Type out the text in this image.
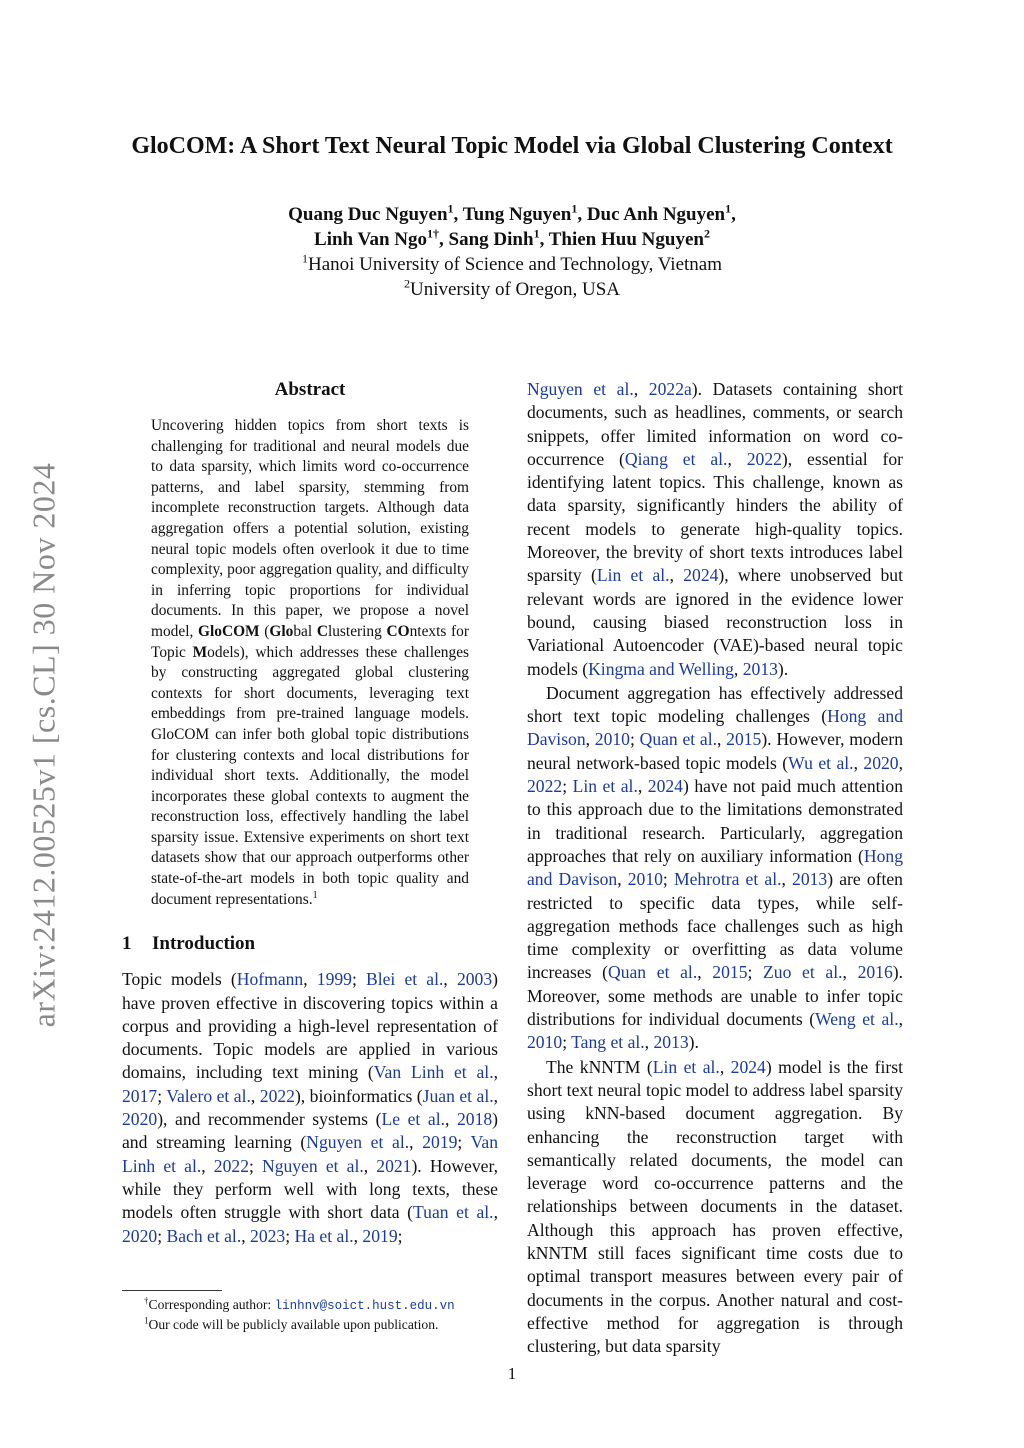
arXiv:2412.00525v1 [cs.CL] 30 Nov 2024
GloCOM: A Short Text Neural Topic Model via Global Clustering Context
Quang Duc Nguyen$^1$, Tung Nguyen$^1$, Duc Anh Nguyen$^1$,
Linh Van Ngo$^{1\dagger}$, Sang Dinh$^1$, Thien Huu Nguyen$^2$
$^1$Hanoi University of Science and Technology, Vietnam
$^2$University of Oregon, USA
Abstract
Uncovering hidden topics from short texts is challenging for traditional and neural models due to data sparsity, which limits word co-occurrence patterns, and label sparsity, stemming from incomplete reconstruction targets. Although data aggregation offers a potential solution, existing neural topic models often overlook it due to time complexity, poor aggregation quality, and difficulty in inferring topic proportions for individual documents. In this paper, we propose a novel model, GloCOM (Global Clustering COntexts for Topic Models), which addresses these challenges by constructing aggregated global clustering contexts for short documents, leveraging text embeddings from pre-trained language models. GloCOM can infer both global topic distributions for clustering contexts and local distributions for individual short texts. Additionally, the model incorporates these global contexts to augment the reconstruction loss, effectively handling the label sparsity issue. Extensive experiments on short text datasets show that our approach outperforms other state-of-the-art models in both topic quality and document representations.$^1$
1 Introduction

Topic models (Hofmann, 1999; Blei et al., 2003) have proven effective in discovering topics within a corpus and providing a high-level representation of documents. Topic models are applied in various domains, including text mining (Van Linh et al., 2017; Valero et al., 2022), bioinformatics (Juan et al., 2020), and recommender systems (Le et al., 2018) and streaming learning (Nguyen et al., 2019; Van Linh et al., 2022; Nguyen et al., 2021). However, while they perform well with long texts, these models often struggle with short data (Tuan et al., 2020; Bach et al., 2023; Ha et al., 2019;

Nguyen et al., 2022a). Datasets containing short documents, such as headlines, comments, or search snippets, offer limited information on word co-occurrence (Qiang et al., 2022), essential for identifying latent topics. This challenge, known as data sparsity, significantly hinders the ability of recent models to generate high-quality topics. Moreover, the brevity of short texts introduces label sparsity (Lin et al., 2024), where unobserved but relevant words are ignored in the evidence lower bound, causing biased reconstruction loss in Variational Autoencoder (VAE)-based neural topic models (Kingma and Welling, 2013).

Document aggregation has effectively addressed short text topic modeling challenges (Hong and Davison, 2010; Quan et al., 2015). However, modern neural network-based topic models (Wu et al., 2020, 2022; Lin et al., 2024) have not paid much attention to this approach due to the limitations demonstrated in traditional research. Particularly, aggregation approaches that rely on auxiliary information (Hong and Davison, 2010; Mehrotra et al., 2013) are often restricted to specific data types, while self-aggregation methods face challenges such as high time complexity or overfitting as data volume increases (Quan et al., 2015; Zuo et al., 2016). Moreover, some methods are unable to infer topic distributions for individual documents (Weng et al., 2010; Tang et al., 2013).

The kNNTM (Lin et al., 2024) model is the first short text neural topic model to address label sparsity using kNN-based document aggregation. By enhancing the reconstruction target with semantically related documents, the model can leverage word co-occurrence patterns and the relationships between documents in the dataset. Although this approach has proven effective, kNNTM still faces significant time costs due to optimal transport measures between every pair of documents in the corpus. Another natural and cost-effective method for aggregation is through clustering, but data sparsity

†Corresponding author: linhnv@soict.hust.edu.vn
$^1$Our code will be publicly available upon publication.
1
